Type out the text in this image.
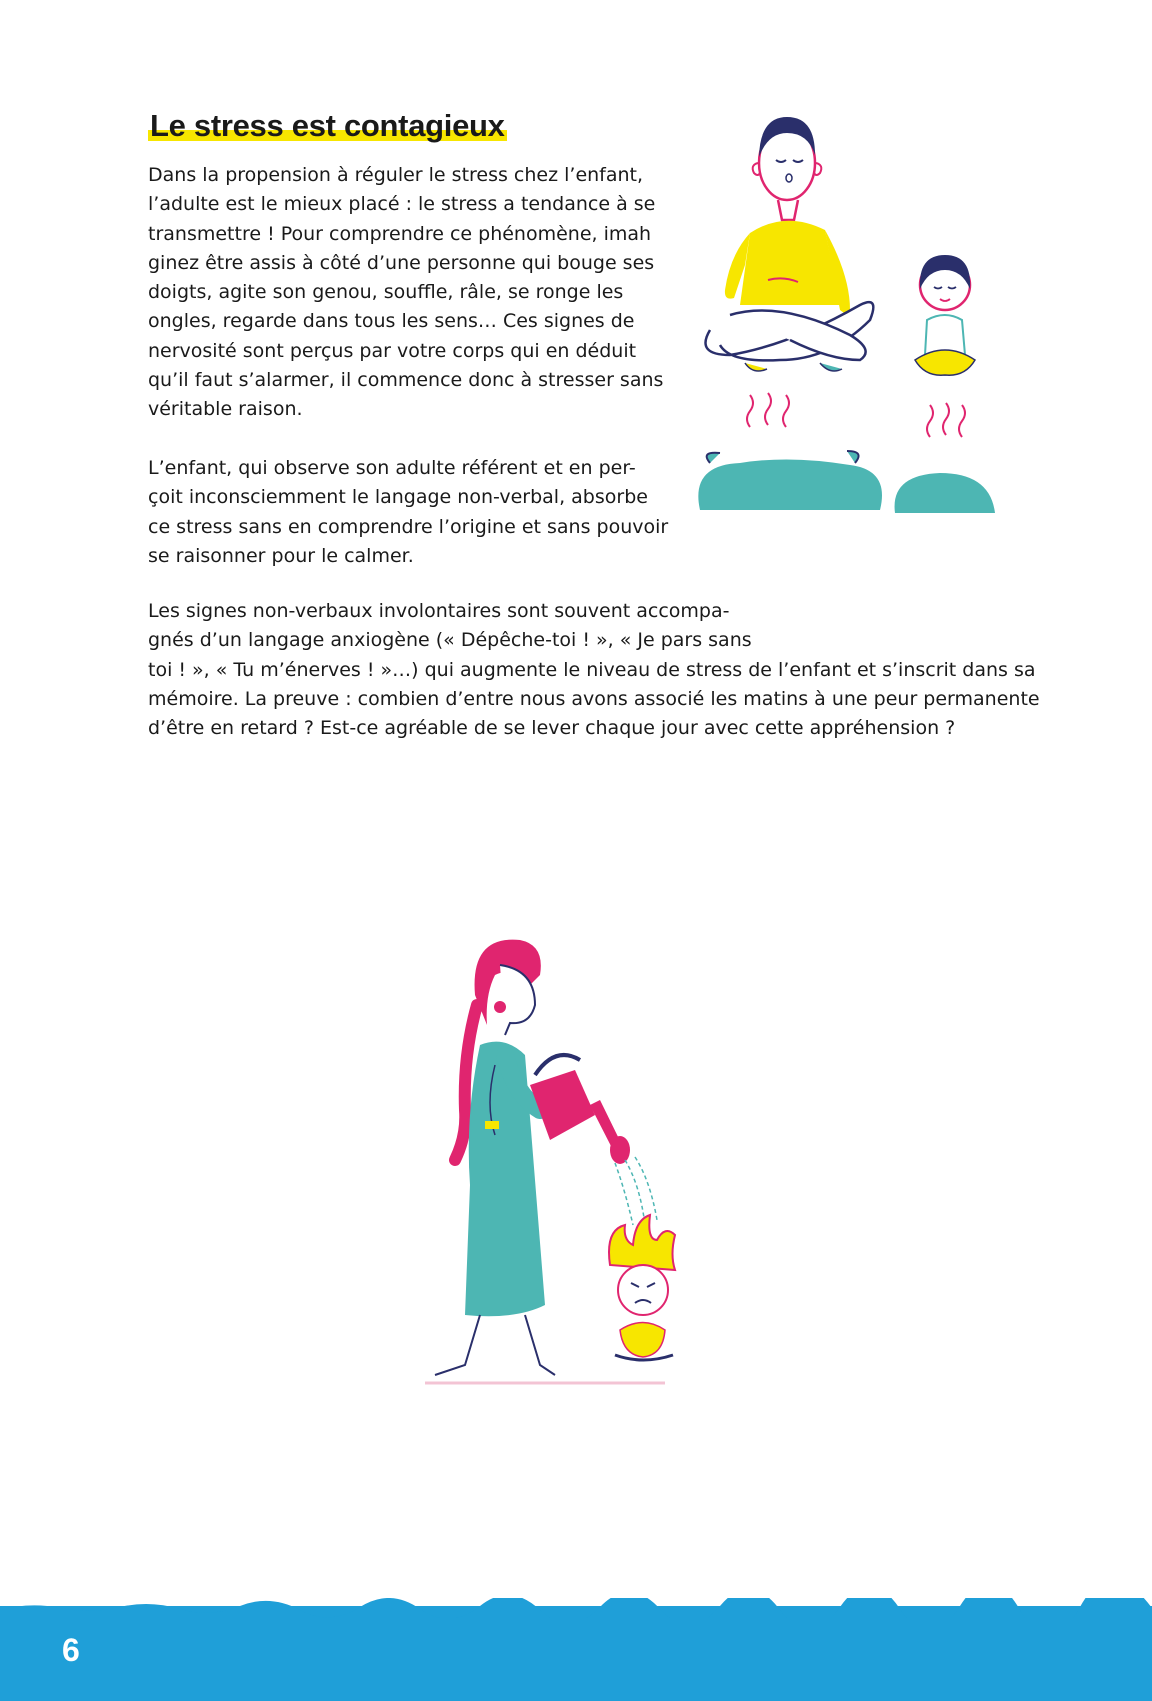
Le stress est contagieux
Dans la propension à réguler le stress chez l’enfant,
l’adulte est le mieux placé : le stress a tendance à se
transmettre ! Pour comprendre ce phénomène, imah
ginez être assis à côté d’une personne qui bouge ses
doigts, agite son genou, souffle, râle, se ronge les
ongles, regarde dans tous les sens… Ces signes de
nervosité sont perçus par votre corps qui en déduit
qu’il faut s’alarmer, il commence donc à stresser sans
véritable raison.
L’enfant, qui observe son adulte référent et en per-
çoit inconsciemment le langage non-verbal, absorbe
ce stress sans en comprendre l’origine et sans pouvoir
se raisonner pour le calmer.
Les signes non-verbaux involontaires sont souvent accompa-
gnés d’un langage anxiogène (« Dépêche-toi ! », « Je pars sans
toi ! », « Tu m’énerves ! »…) qui augmente le niveau de stress de l’enfant et s’inscrit dans sa
mémoire. La preuve : combien d’entre nous avons associé les matins à une peur permanente
d’être en retard ? Est-ce agréable de se lever chaque jour avec cette appréhension ?
6
